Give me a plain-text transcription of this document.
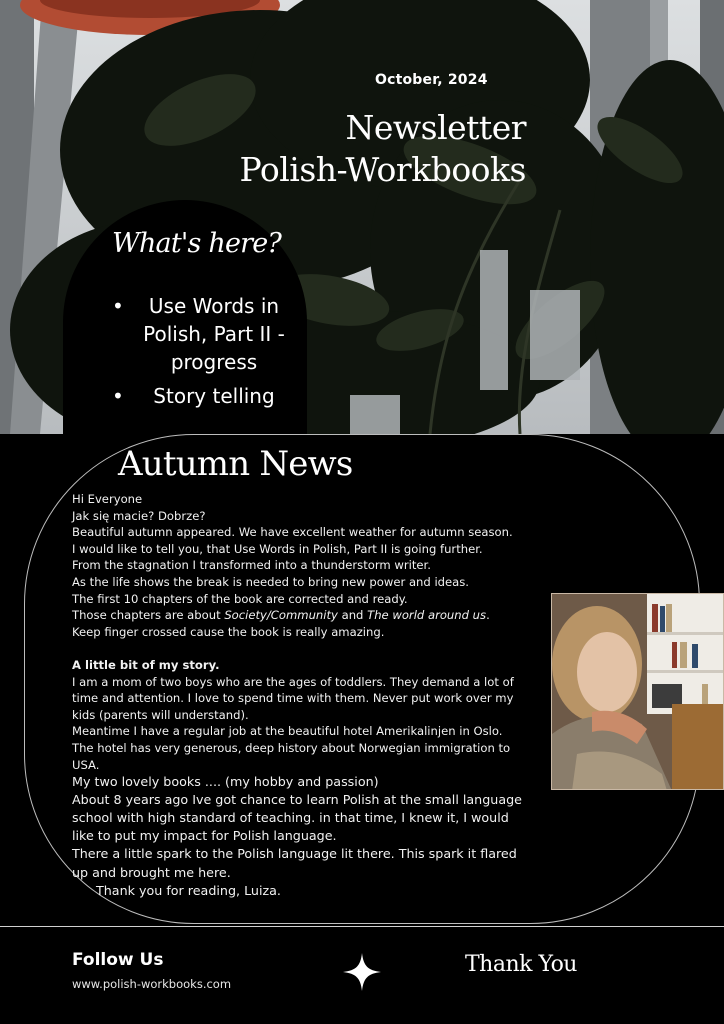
October, 2024
Newsletter
Polish-Workbooks
What's here?
• Use Words in Polish, Part II - progress
• Story telling
Autumn News

Hi Everyone

Jak się macie? Dobrze?

Beautiful autumn appeared. We have excellent weather for autumn season.

I would like to tell you, that Use Words in Polish, Part II is going further.

From the stagnation I transformed into a thunderstorm writer.

As the life shows the break is needed to bring new power and ideas.

The first 10 chapters of the book are corrected and ready.

Those chapters are about Society/Community and The world around us.

Keep finger crossed cause the book is really amazing.

A little bit of my story.

I am a mom of two boys who are the ages of toddlers. They demand a lot of time and attention. I love to spend time with them. Never put work over my kids (parents will understand).

Meantime I have a regular job at the beautiful hotel Amerikalinjen in Oslo. The hotel has very generous, deep history about Norwegian immigration to USA.

My two lovely books .... (my hobby and passion)

About 8 years ago Ive got chance to learn Polish at the small language school with high standard of teaching. in that time, I knew it, I would like to put my impact for Polish language.

There a little spark to the Polish language lit there. This spark it flared up and brought me here.

Thank you for reading, Luiza.

Follow Us
www.polish-workbooks.com
Thank You
